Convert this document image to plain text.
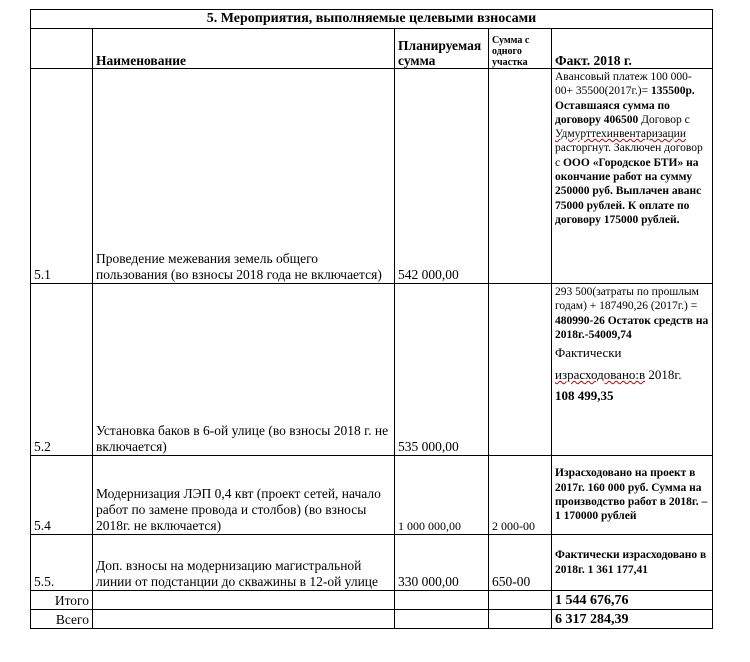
5. Мероприятия, выполняемые целевыми взносами				
	Наименование	Планируемая сумма	Сумма с одного участка	Факт. 2018 г.
5.1	Проведение межевания земель общего пользования (во взносы 2018 года не включается)	542 000,00		Авансовый платеж 100 000-00+ 35500(2017г.)= 135500р. Оставшаяся сумма по договору 406500 Договор с Удмурттехинвентаризации расторгнут. Заключен договор с ООО «Городское БТИ» на окончание работ на сумму 250000 руб. Выплачен аванс 75000 рублей. К оплате по договору 175000 рублей.
5.2	Установка баков в 6-ой улице (во взносы 2018 г. не включается)	535 000,00		293 500(затраты по прошлым годам) + 187490,26 (2017г.) =
480990-26 Остаток средств на 2018г.-54009,74
Фактически израсходовано:в 2018г.
108 499,35

5.4	Модернизация ЛЭП 0,4 квт (проект сетей, начало работ по замене провода и столбов) (во взносы 2018г. не включается)	1 000 000,00	2 000-00	Израсходовано на проект в 2017г. 160 000 руб. Сумма на производство работ в 2018г. – 1 170000 рублей
5.5.	Доп. взносы на модернизацию магистральной линии от подстанции до скважины в 12-ой улице	330 000,00	650-00	Фактически израсходовано в 2018г. 1 361 177,41
Итого				1 544 676,76
Всего				6 317 284,39
